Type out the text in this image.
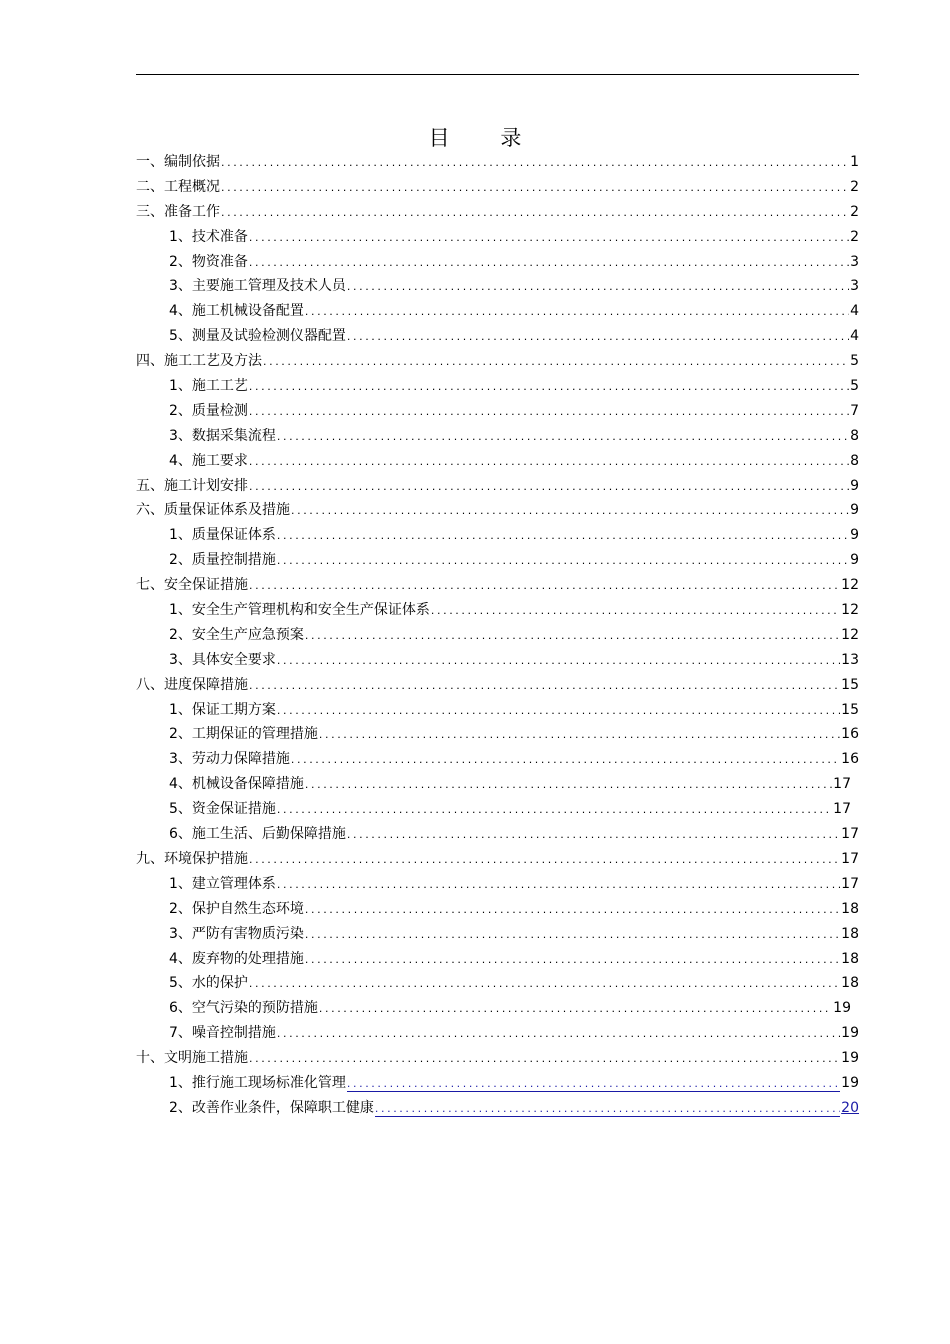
目 录
一、编制依据 .....	1
二、工程概况 .....	2
三、准备工作 .....	2
1、技术准备 .....	2
2、物资准备 .....	3
3、主要施工管理及技术人员 .....	3
4、施工机械设备配置 .....	4
5、测量及试验检测仪器配置 .....	4
四、施工工艺及方法 .....	5
1、施工工艺 .....	5
2、质量检测 .....	7
3、数据采集流程 .....	8
4、施工要求 .....	8
五、施工计划安排 .....	9
六、质量保证体系及措施 .....	9
1、质量保证体系 .....	9
2、质量控制措施 .....	9
七、安全保证措施 .....	12
1、安全生产管理机构和安全生产保证体系 .....	12
2、安全生产应急预案 .....	12
3、具体安全要求 .....	13
八、进度保障措施 .....	15
1、保证工期方案 .....	15
2、工期保证的管理措施 .....	16
3、劳动力保障措施 .....	16
4、机械设备保障措施 .....	17
5、资金保证措施 .....	17
6、施工生活、后勤保障措施 .....	17
九、环境保护措施 .....	17
1、建立管理体系 .....	17
2、保护自然生态环境 .....	18
3、严防有害物质污染 .....	18
4、废弃物的处理措施 .....	18
5、水的保护 .....	18
6、空气污染的预防措施 .....	19
7、噪音控制措施 .....	19
十、文明施工措施 .....	19
1、推行施工现场标准化管理 .....	19
2、改善作业条件，保障职工健康 .....	20
